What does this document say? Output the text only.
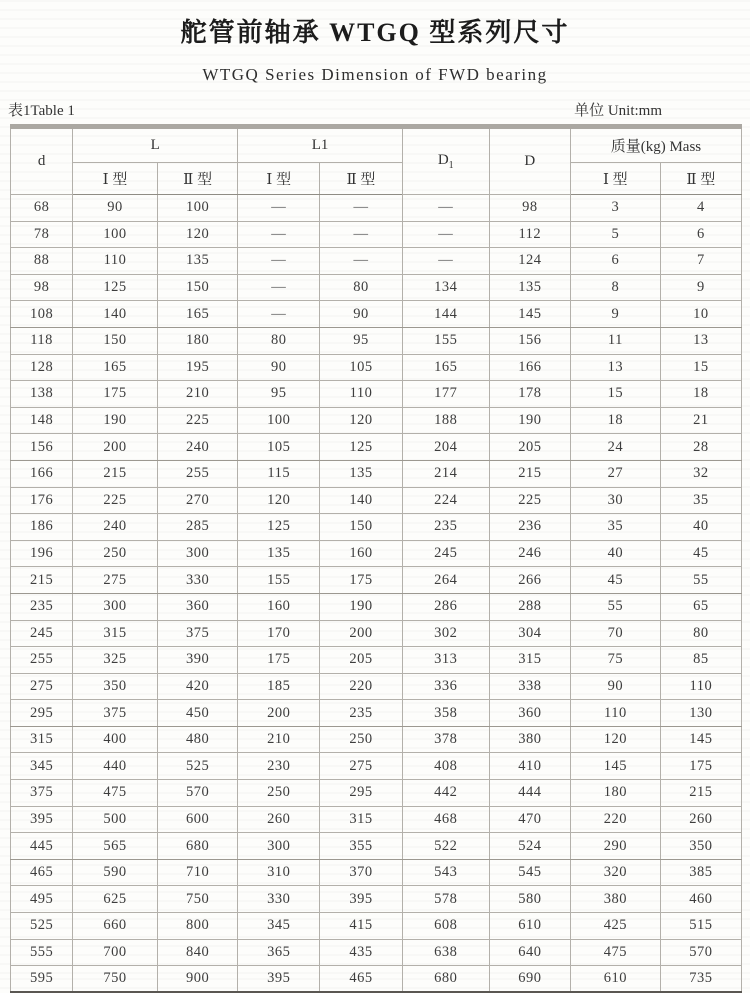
舵管前轴承 WTGQ 型系列尺寸
WTGQ Series Dimension of FWD bearing
表1Table 1	单位 Unit:mm
d	L		L1		$D_1$	D	质量(kg) Mass	
	Ⅰ 型	Ⅱ 型	Ⅰ 型	Ⅱ 型			Ⅰ 型	Ⅱ 型
68	90	100	—	—	—	98	3	4
78	100	120	—	—	—	112	5	6
88	110	135	—	—	—	124	6	7
98	125	150	—	80	134	135	8	9
108	140	165	—	90	144	145	9	10
118	150	180	80	95	155	156	11	13
128	165	195	90	105	165	166	13	15
138	175	210	95	110	177	178	15	18
148	190	225	100	120	188	190	18	21
156	200	240	105	125	204	205	24	28
166	215	255	115	135	214	215	27	32
176	225	270	120	140	224	225	30	35
186	240	285	125	150	235	236	35	40
196	250	300	135	160	245	246	40	45
215	275	330	155	175	264	266	45	55
235	300	360	160	190	286	288	55	65
245	315	375	170	200	302	304	70	80
255	325	390	175	205	313	315	75	85
275	350	420	185	220	336	338	90	110
295	375	450	200	235	358	360	110	130
315	400	480	210	250	378	380	120	145
345	440	525	230	275	408	410	145	175
375	475	570	250	295	442	444	180	215
395	500	600	260	315	468	470	220	260
445	565	680	300	355	522	524	290	350
465	590	710	310	370	543	545	320	385
495	625	750	330	395	578	580	380	460
525	660	800	345	415	608	610	425	515
555	700	840	365	435	638	640	475	570
595	750	900	395	465	680	690	610	735
